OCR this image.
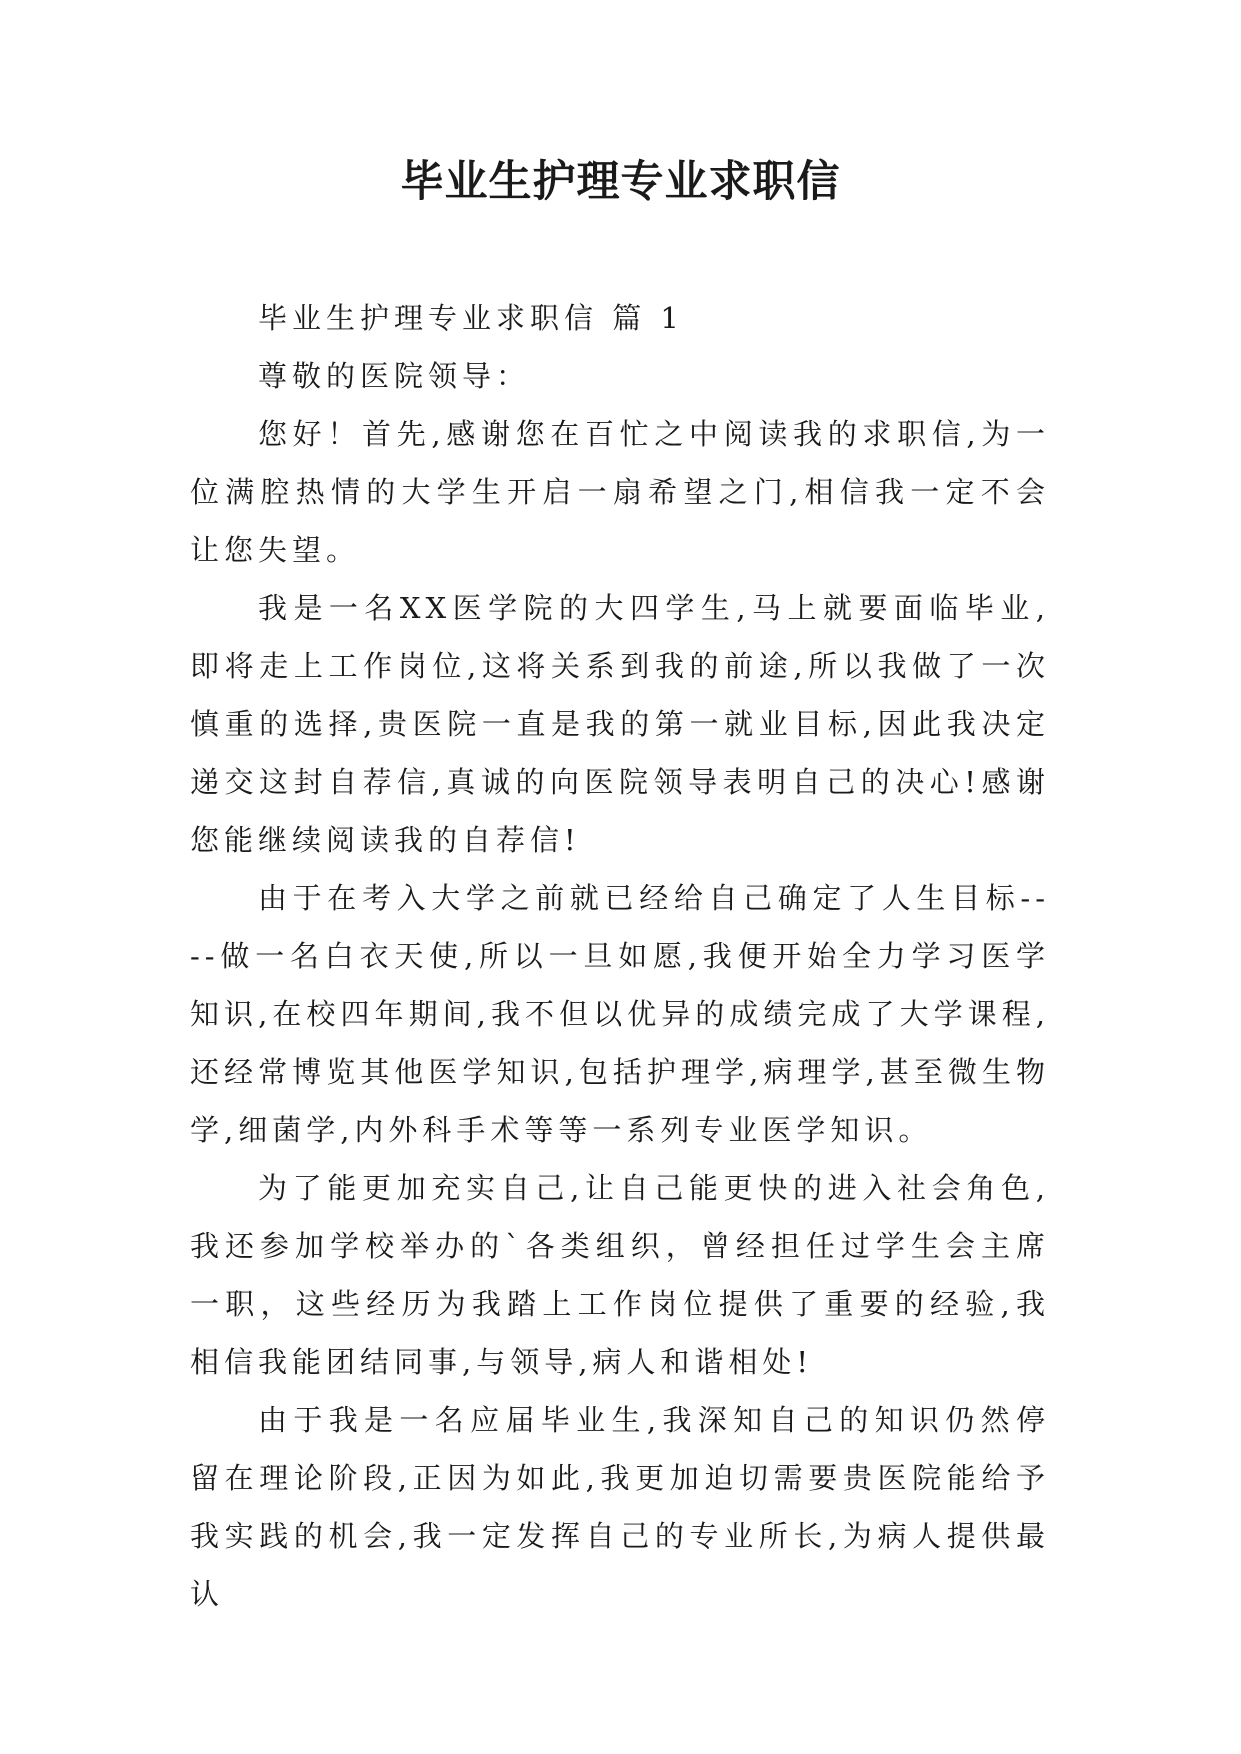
毕业生护理专业求职信

毕业生护理专业求职信 篇 1

尊敬的医院领导：

您好！首先,感谢您在百忙之中阅读我的求职信,为一位满腔热情的大学生开启一扇希望之门,相信我一定不会让您失望。

我是一名XX医学院的大四学生,马上就要面临毕业,即将走上工作岗位,这将关系到我的前途,所以我做了一次慎重的选择,贵医院一直是我的第一就业目标,因此我决定递交这封自荐信,真诚的向医院领导表明自己的决心!感谢您能继续阅读我的自荐信!

由于在考入大学之前就已经给自己确定了人生目标----做一名白衣天使,所以一旦如愿,我便开始全力学习医学知识,在校四年期间,我不但以优异的成绩完成了大学课程,还经常博览其他医学知识,包括护理学,病理学,甚至微生物学,细菌学,内外科手术等等一系列专业医学知识。

为了能更加充实自己,让自己能更快的进入社会角色,我还参加学校举办的`各类组织，曾经担任过学生会主席一职，这些经历为我踏上工作岗位提供了重要的经验,我相信我能团结同事,与领导,病人和谐相处!

由于我是一名应届毕业生,我深知自己的知识仍然停留在理论阶段,正因为如此,我更加迫切需要贵医院能给予我实践的机会,我一定发挥自己的专业所长,为病人提供最认
